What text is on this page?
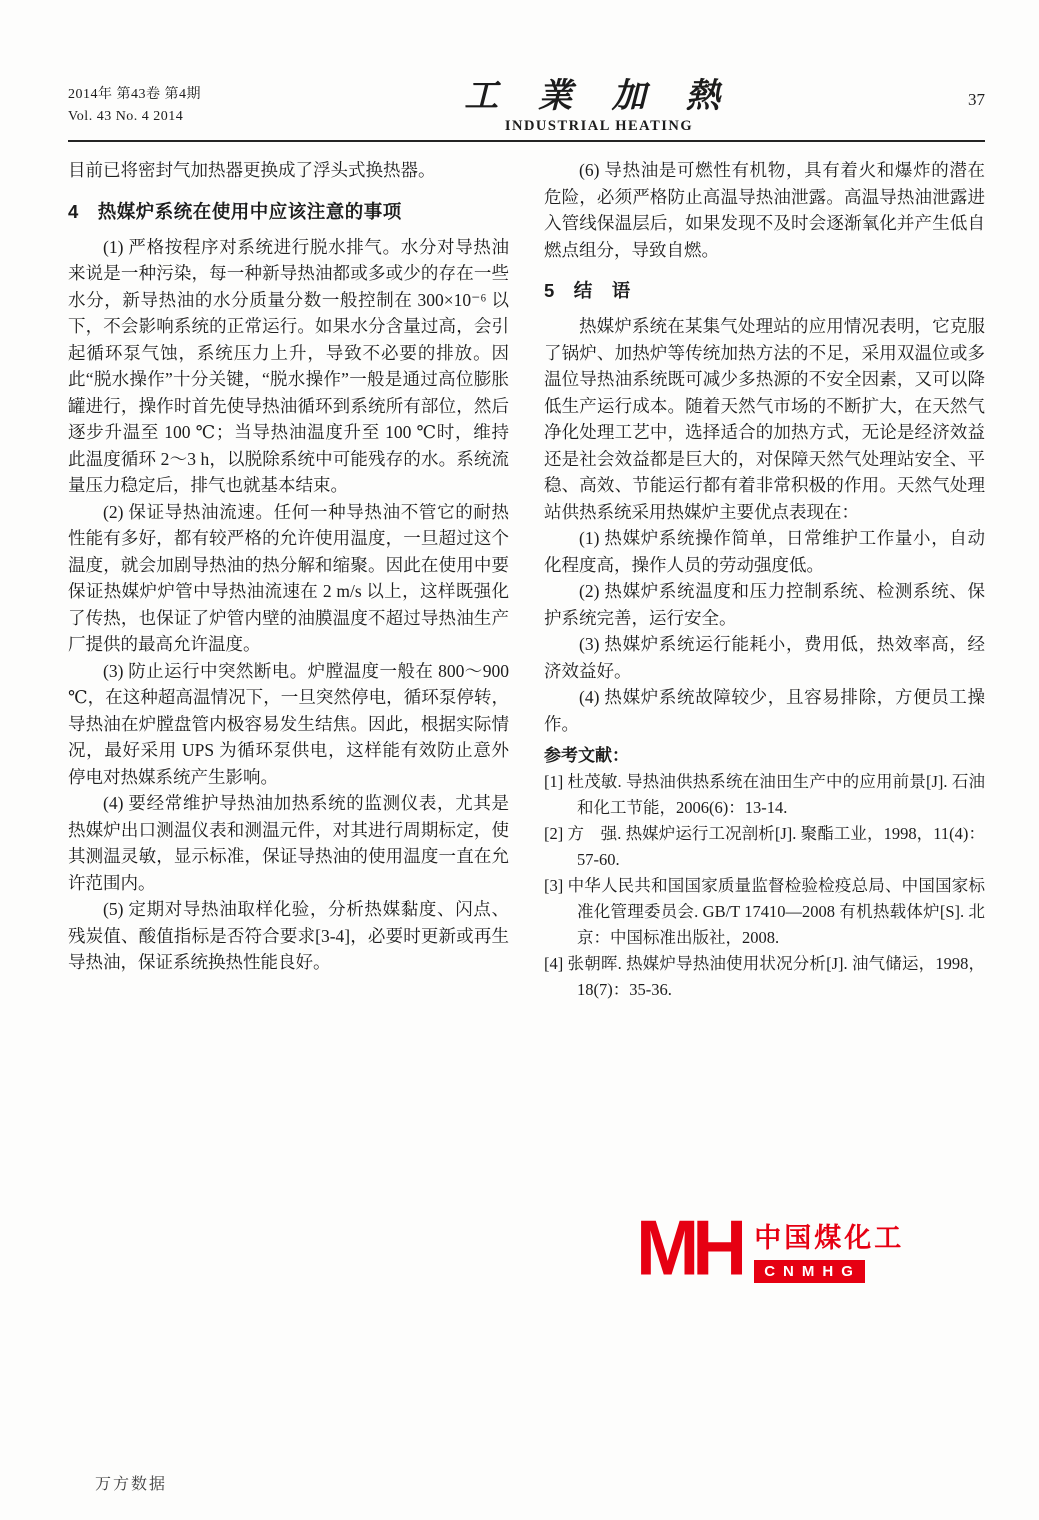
2014年 第43卷 第4期
Vol. 43 No. 4 2014
工 業 加 熱
INDUSTRIAL HEATING
37

目前已将密封气加热器更换成了浮头式换热器。

4　热媒炉系统在使用中应该注意的事项

(1) 严格按程序对系统进行脱水排气。水分对导热油来说是一种污染，每一种新导热油都或多或少的存在一些水分，新导热油的水分质量分数一般控制在 300×10⁻⁶ 以下，不会影响系统的正常运行。如果水分含量过高，会引起循环泵气蚀，系统压力上升，导致不必要的排放。因此“脱水操作”十分关键，“脱水操作”一般是通过高位膨胀罐进行，操作时首先使导热油循环到系统所有部位，然后逐步升温至 100 ℃；当导热油温度升至 100 ℃时，维持此温度循环 2～3 h，以脱除系统中可能残存的水。系统流量压力稳定后，排气也就基本结束。

(2) 保证导热油流速。任何一种导热油不管它的耐热性能有多好，都有较严格的允许使用温度，一旦超过这个温度，就会加剧导热油的热分解和缩聚。因此在使用中要保证热媒炉炉管中导热油流速在 2 m/s 以上，这样既强化了传热，也保证了炉管内壁的油膜温度不超过导热油生产厂提供的最高允许温度。

(3) 防止运行中突然断电。炉膛温度一般在 800～900 ℃，在这种超高温情况下，一旦突然停电，循环泵停转，导热油在炉膛盘管内极容易发生结焦。因此，根据实际情况，最好采用 UPS 为循环泵供电，这样能有效防止意外停电对热媒系统产生影响。

(4) 要经常维护导热油加热系统的监测仪表，尤其是热媒炉出口测温仪表和测温元件，对其进行周期标定，使其测温灵敏，显示标准，保证导热油的使用温度一直在允许范围内。

(5) 定期对导热油取样化验，分析热媒黏度、闪点、残炭值、酸值指标是否符合要求[3-4]，必要时更新或再生导热油，保证系统换热性能良好。

(6) 导热油是可燃性有机物，具有着火和爆炸的潜在危险，必须严格防止高温导热油泄露。高温导热油泄露进入管线保温层后，如果发现不及时会逐渐氧化并产生低自燃点组分，导致自燃。

5　结　语

热媒炉系统在某集气处理站的应用情况表明，它克服了锅炉、加热炉等传统加热方法的不足，采用双温位或多温位导热油系统既可减少多热源的不安全因素，又可以降低生产运行成本。随着天然气市场的不断扩大，在天然气净化处理工艺中，选择适合的加热方式，无论是经济效益还是社会效益都是巨大的，对保障天然气处理站安全、平稳、高效、节能运行都有着非常积极的作用。天然气处理站供热系统采用热媒炉主要优点表现在：

(1) 热媒炉系统操作简单，日常维护工作量小，自动化程度高，操作人员的劳动强度低。

(2) 热媒炉系统温度和压力控制系统、检测系统、保护系统完善，运行安全。

(3) 热媒炉系统运行能耗小，费用低，热效率高，经济效益好。

(4) 热媒炉系统故障较少，且容易排除，方便员工操作。

参考文献：

[1] 杜茂敏. 导热油供热系统在油田生产中的应用前景[J]. 石油和化工节能，2006(6)：13-14.

[2] 方　强. 热媒炉运行工况剖析[J]. 聚酯工业，1998，11(4)：57-60.

[3] 中华人民共和国国家质量监督检验检疫总局、中国国家标准化管理委员会. GB/T 17410—2008 有机热载体炉[S]. 北京：中国标准出版社，2008.

[4] 张朝晖. 热媒炉导热油使用状况分析[J]. 油气储运，1998，18(7)：35-36.

MH 中国煤化工
CNMHG
万方数据
